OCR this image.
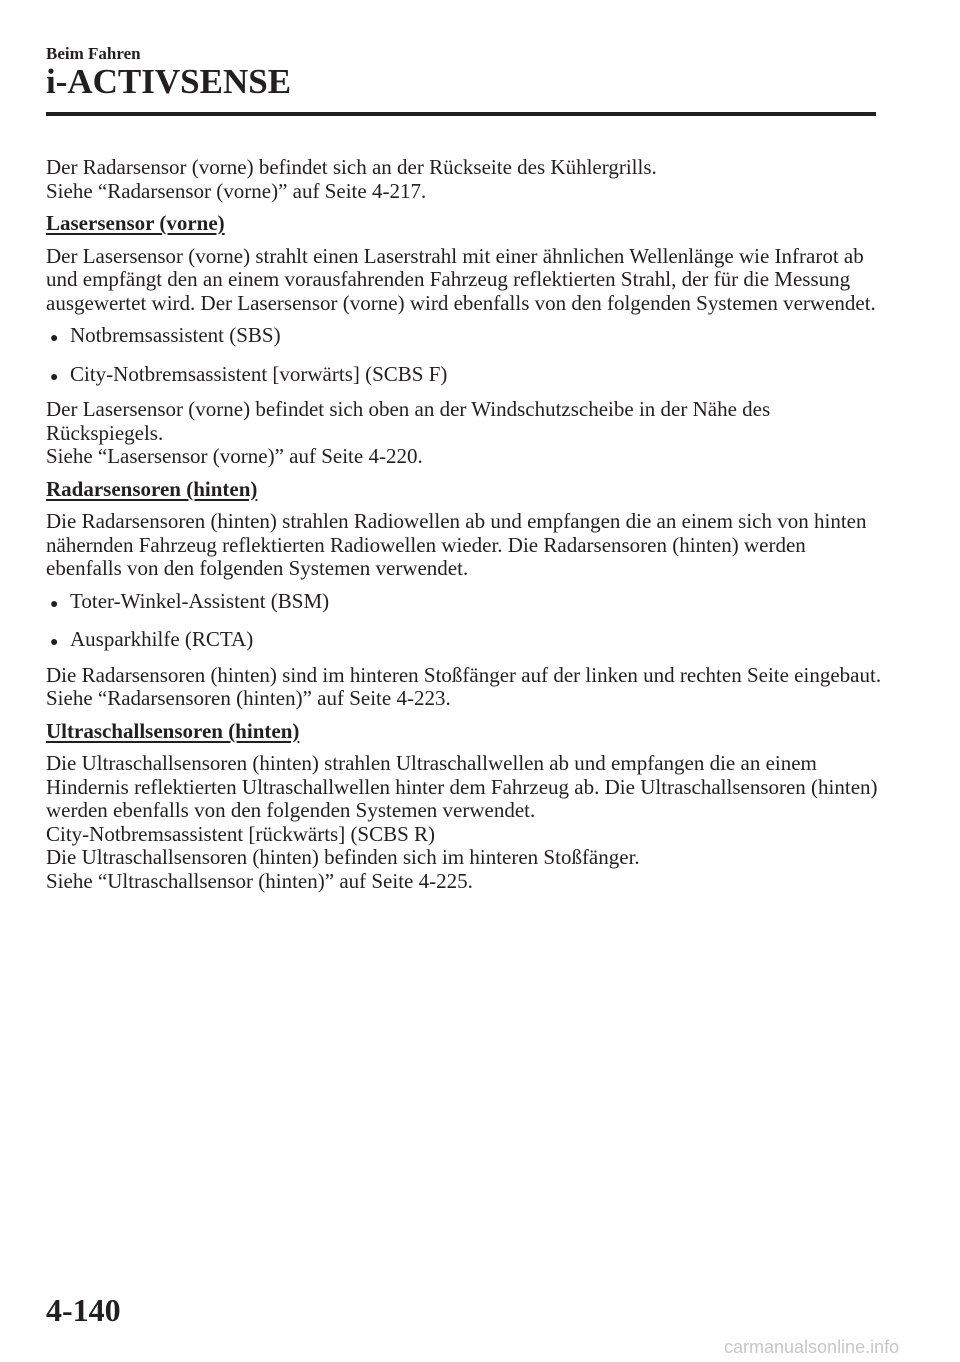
Beim Fahren
i-ACTIVSENSE

Der Radarsensor (vorne) befindet sich an der Rückseite des Kühlergrills.

Siehe “Radarsensor (vorne)” auf Seite 4-217.

Lasersensor (vorne)

Der Lasersensor (vorne) strahlt einen Laserstrahl mit einer ähnlichen Wellenlänge wie Infrarot ab und empfängt den an einem vorausfahrenden Fahrzeug reflektierten Strahl, der für die Messung ausgewertet wird. Der Lasersensor (vorne) wird ebenfalls von den folgenden Systemen verwendet.

● Notbremsassistent (SBS)
● City-Notbremsassistent [vorwärts] (SCBS F)

Der Lasersensor (vorne) befindet sich oben an der Windschutzscheibe in der Nähe des Rückspiegels.

Siehe “Lasersensor (vorne)” auf Seite 4-220.

Radarsensoren (hinten)

Die Radarsensoren (hinten) strahlen Radiowellen ab und empfangen die an einem sich von hinten nähernden Fahrzeug reflektierten Radiowellen wieder. Die Radarsensoren (hinten) werden ebenfalls von den folgenden Systemen verwendet.

● Toter-Winkel-Assistent (BSM)
● Ausparkhilfe (RCTA)

Die Radarsensoren (hinten) sind im hinteren Stoßfänger auf der linken und rechten Seite eingebaut.

Siehe “Radarsensoren (hinten)” auf Seite 4-223.

Ultraschallsensoren (hinten)

Die Ultraschallsensoren (hinten) strahlen Ultraschallwellen ab und empfangen die an einem Hindernis reflektierten Ultraschallwellen hinter dem Fahrzeug ab. Die Ultraschallsensoren (hinten) werden ebenfalls von den folgenden Systemen verwendet.

City-Notbremsassistent [rückwärts] (SCBS R)

Die Ultraschallsensoren (hinten) befinden sich im hinteren Stoßfänger.

Siehe “Ultraschallsensor (hinten)” auf Seite 4-225.

4-140
carmanualsonline.info
